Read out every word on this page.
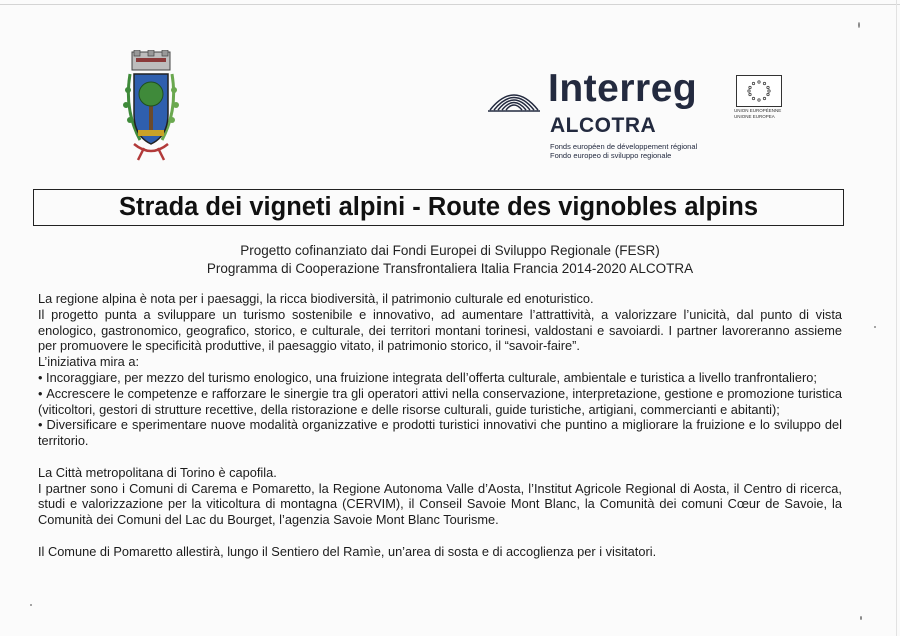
Interreg
ALCOTRA
Fonds européen de développement régional
Fondo europeo di sviluppo regionale
UNION EUROPÉENNE
UNIONE EUROPEA
Strada dei vigneti alpini - Route des vignobles alpins
Progetto cofinanziato dai Fondi Europei di Sviluppo Regionale (FESR)
Programma di Cooperazione Transfrontaliera Italia Francia 2014-2020 ALCOTRA

La regione alpina è nota per i paesaggi, la ricca biodiversità, il patrimonio culturale ed enoturistico.

Il progetto punta a sviluppare un turismo sostenibile e innovativo, ad aumentare l’attrattività, a valorizzare l’unicità, dal punto di vista enologico, gastronomico, geografico, storico, e culturale, dei territori montani torinesi, valdostani e savoiardi. I partner lavoreranno assieme per promuovere le specificità produttive, il paesaggio vitato, il patrimonio storico, il “savoir-faire”.

L’iniziativa mira a:

• Incoraggiare, per mezzo del turismo enologico, una fruizione integrata dell’offerta culturale, ambientale e turistica a livello tranfrontaliero;

• Accrescere le competenze e rafforzare le sinergie tra gli operatori attivi nella conservazione, interpretazione, gestione e promozione turistica (viticoltori, gestori di strutture recettive, della ristorazione e delle risorse culturali, guide turistiche, artigiani, commercianti e abitanti);

• Diversificare e sperimentare nuove modalità organizzative e prodotti turistici innovativi che puntino a migliorare la fruizione e lo sviluppo del territorio.

La Città metropolitana di Torino è capofila.

I partner sono i Comuni di Carema e Pomaretto, la Regione Autonoma Valle d’Aosta, l’Institut Agricole Regional di Aosta, il Centro di ricerca, studi e valorizzazione per la viticoltura di montagna (CERVIM), il Conseil Savoie Mont Blanc, la Comunità dei comuni Cœur de Savoie, la Comunità dei Comuni del Lac du Bourget, l’agenzia Savoie Mont Blanc Tourisme.

Il Comune di Pomaretto allestirà, lungo il Sentiero del Ramìe, un’area di sosta e di accoglienza per i visitatori.
